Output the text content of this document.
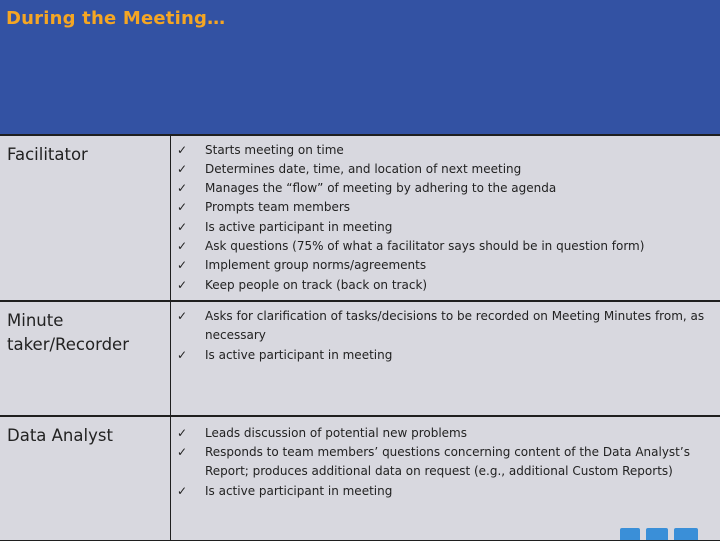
During the Meeting…
Facilitator	✓ Starts meeting on time
✓ Determines date, time, and location of next meeting
✓ Manages the “flow” of meeting by adhering to the agenda
✓ Prompts team members
✓ Is active participant in meeting
✓ Ask questions (75% of what a facilitator says should be in question form)
✓ Implement group norms/agreements
✓ Keep people on track (back on track)
Minute taker/Recorder
✓ Asks for clarification of tasks/decisions to be recorded on Meeting Minutes from, as necessary
✓ Is active participant in meeting
Data Analyst	✓ Leads discussion of potential new problems
✓ Responds to team members’ questions concerning content of the Data Analyst’s Report; produces additional data on request (e.g., additional Custom Reports)
✓ Is active participant in meeting
